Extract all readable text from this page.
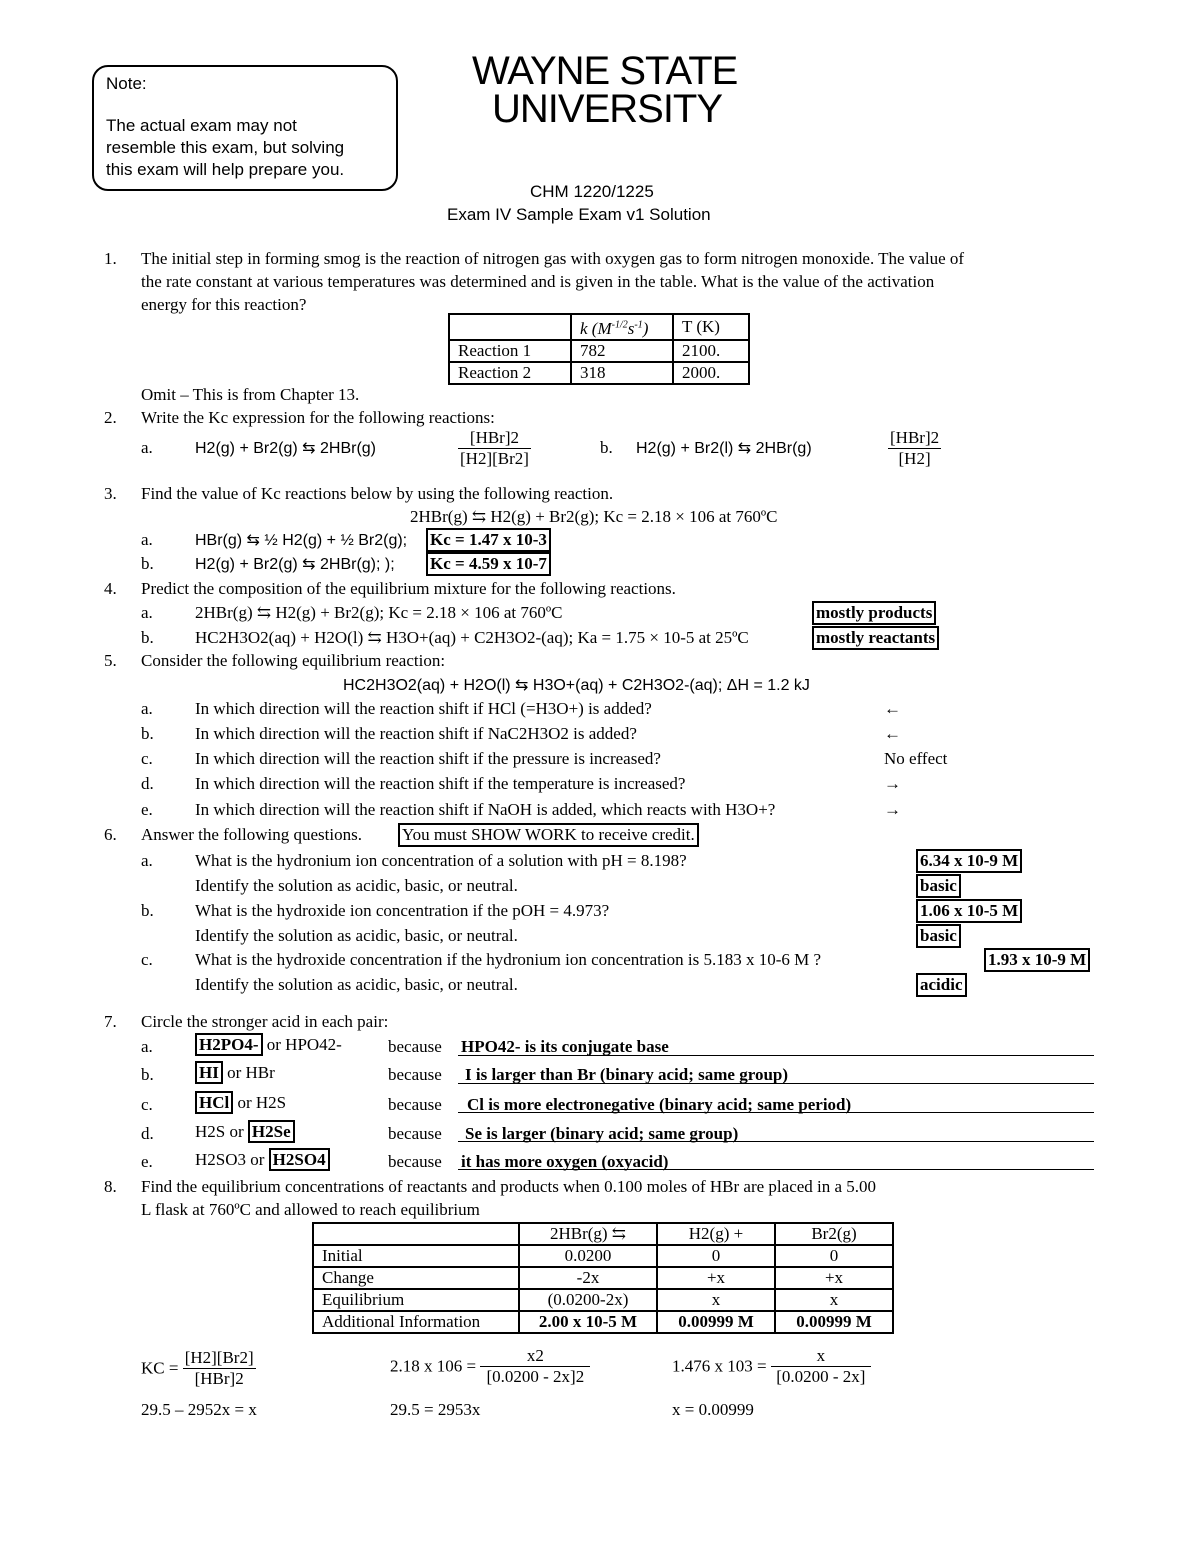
Note:
The actual exam may not
resemble this exam, but solving
this exam will help prepare you.
WAYNE STATE
UNIVERSITY
CHM 1220/1225
Exam IV Sample Exam v1 Solution
1. The initial step in forming smog is the reaction of nitrogen gas with oxygen gas to form nitrogen monoxide. The value of
the rate constant at various temperatures was determined and is given in the table. What is the value of the activation
energy for this reaction?
	k $(M^{-1/2}s^{-1})$	T (K)
Reaction 1	782	2100.
Reaction 2	318	2000.
Omit – This is from Chapter 13.
2. Write the Kc expression for the following reactions:
a.	H2(g) + Br2(g) ⇆ 2HBr(g)
[HBr]2
[H2][Br2]
b. H2(g) + Br2(l) ⇆ 2HBr(g)
[HBr]2
[H2]
3. Find the value of Kc reactions below by using the following reaction.
2HBr(g) ⇆ H2(g) + Br2(g); Kc = 2.18 × 106 at 760ºC
a.	HBr(g) ⇆ ½ H2(g) + ½ Br2(g); Kc = 1.47 x 10-3
b.	H2(g) + Br2(g) ⇆ 2HBr(g); ); Kc = 4.59 x 10-7
4. Predict the composition of the equilibrium mixture for the following reactions.
a. 2HBr(g) ⇆ H2(g) + Br2(g); Kc = 2.18 × 106 at 760ºC	mostly products
b. HC2H3O2(aq) + H2O(l) ⇆ H3O+(aq) + C2H3O2-(aq); Ka = 1.75 × 10-5 at 25ºC	mostly reactants
5. Consider the following equilibrium reaction:
HC2H3O2(aq) + H2O(l) ⇆ H3O+(aq) + C2H3O2-(aq); ΔH = 1.2 kJ
a. In which direction will the reaction shift if HCl (=H3O+) is added?	←
b. In which direction will the reaction shift if NaC2H3O2 is added?	←
c. In which direction will the reaction shift if the pressure is increased?	No effect
d. In which direction will the reaction shift if the temperature is increased?	→
e. In which direction will the reaction shift if NaOH is added, which reacts with H3O+?	→
6. Answer the following questions. You must SHOW WORK to receive credit.
a. What is the hydronium ion concentration of a solution with pH = 8.198?	6.34 x 10-9 M
Identify the solution as acidic, basic, or neutral.	basic
b. What is the hydroxide ion concentration if the pOH = 4.973?	1.06 x 10-5 M
Identify the solution as acidic, basic, or neutral.	basic
c. What is the hydroxide concentration if the hydronium ion concentration is 5.183 x 10-6 M ?	1.93 x 10-9 M
Identify the solution as acidic, basic, or neutral.	acidic
7. Circle the stronger acid in each pair:
a.	H2PO4- or HPO42-	because HPO42- is its conjugate base
b.	HI or HBr	because I is larger than Br (binary acid; same group)
c.	HCl or H2S	because Cl is more electronegative (binary acid; same period)
d. H2S or H2Se	because Se is larger (binary acid; same group)
e. H2SO3 or H2SO4	because it has more oxygen (oxyacid)
8. Find the equilibrium concentrations of reactants and products when 0.100 moles of HBr are placed in a 5.00
L flask at 760ºC and allowed to reach equilibrium
	2HBr(g) ⇆	H2(g) +	Br2(g)
Initial	0.0200	0	0
Change	-2x	+x	+x
Equilibrium	(0.0200-2x)	x	x
Additional Information	2.00 x 10-5 M	0.00999 M	0.00999 M
KC = $\frac{[H2][Br2]}{\text{[HBr]2}}$	2.18 x $106 = \frac{x2}{[0.0200 - 2x]2}$	1.476 x $103 = \frac{x}{[0.0200 - 2x]}$
29.5 – 2952x = x	29.5 = 2953x	x = 0.00999
